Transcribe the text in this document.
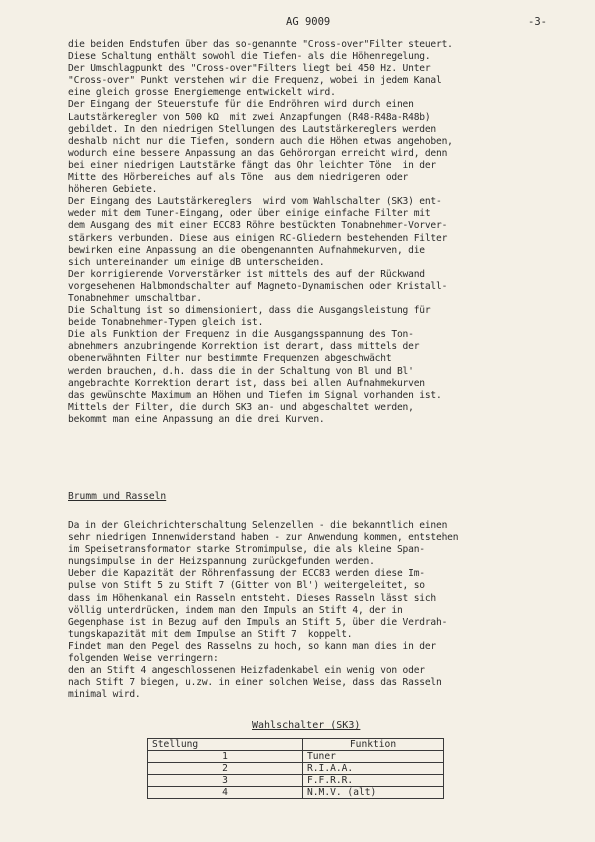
AG 9009	-3-
die beiden Endstufen über das so-genannte "Cross-over"Filter steuert.
Diese Schaltung enthält sowohl die Tiefen- als die Höhenregelung.
Der Umschlagpunkt des "Cross-over"Filters liegt bei 450 Hz. Unter
"Cross-over" Punkt verstehen wir die Frequenz, wobei in jedem Kanal
eine gleich grosse Energiemenge entwickelt wird.
Der Eingang der Steuerstufe für die Endröhren wird durch einen
Lautstärkeregler von 500 kΩ  mit zwei Anzapfungen (R48-R48a-R48b)
gebildet. In den niedrigen Stellungen des Lautstärkereglers werden
deshalb nicht nur die Tiefen, sondern auch die Höhen etwas angehoben,
wodurch eine bessere Anpassung an das Gehörorgan erreicht wird, denn
bei einer niedrigen Lautstärke fängt das Ohr leichter Töne  in der
Mitte des Hörbereiches auf als Töne  aus dem niedrigeren oder
höheren Gebiete.
Der Eingang des Lautstärkereglers  wird vom Wahlschalter (SK3) ent-
weder mit dem Tuner-Eingang, oder über einige einfache Filter mit
dem Ausgang des mit einer ECC83 Röhre bestückten Tonabnehmer-Vorver-
stärkers verbunden. Diese aus einigen RC-Gliedern bestehenden Filter
bewirken eine Anpassung an die obengenannten Aufnahmekurven, die
sich untereinander um einige dB unterscheiden.
Der korrigierende Vorverstärker ist mittels des auf der Rückwand
vorgesehenen Halbmondschalter auf Magneto-Dynamischen oder Kristall-
Tonabnehmer umschaltbar.
Die Schaltung ist so dimensioniert, dass die Ausgangsleistung für
beide Tonabnehmer-Typen gleich ist.
Die als Funktion der Frequenz in die Ausgangsspannung des Ton-
abnehmers anzubringende Korrektion ist derart, dass mittels der
obenerwähnten Filter nur bestimmte Frequenzen abgeschwächt
werden brauchen, d.h. dass die in der Schaltung von Bl und Bl'
angebrachte Korrektion derart ist, dass bei allen Aufnahmekurven
das gewünschte Maximum an Höhen und Tiefen im Signal vorhanden ist.
Mittels der Filter, die durch SK3 an- und abgeschaltet werden,
bekommt man eine Anpassung an die drei Kurven.
Brumm und Rasseln
Da in der Gleichrichterschaltung Selenzellen - die bekanntlich einen
sehr niedrigen Innenwiderstand haben - zur Anwendung kommen, entstehen
im Speisetransformator starke Stromimpulse, die als kleine Span-
nungsimpulse in der Heizspannung zurückgefunden werden.
Ueber die Kapazität der Röhrenfassung der ECC83 werden diese Im-
pulse von Stift 5 zu Stift 7 (Gitter von Bl') weitergeleitet, so
dass im Höhenkanal ein Rasseln entsteht. Dieses Rasseln lässt sich
völlig unterdrücken, indem man den Impuls an Stift 4, der in
Gegenphase ist in Bezug auf den Impuls an Stift 5, über die Verdrah-
tungskapazität mit dem Impulse an Stift 7  koppelt.
Findet man den Pegel des Rasselns zu hoch, so kann man dies in der
folgenden Weise verringern:
den an Stift 4 angeschlossenen Heizfadenkabel ein wenig von oder
nach Stift 7 biegen, u.zw. in einer solchen Weise, dass das Rasseln
minimal wird.
Wahlschalter (SK3)
Stellung	Funktion
1	Tuner
2	R.I.A.A.
3	F.F.R.R.
4	N.M.V. (alt)
